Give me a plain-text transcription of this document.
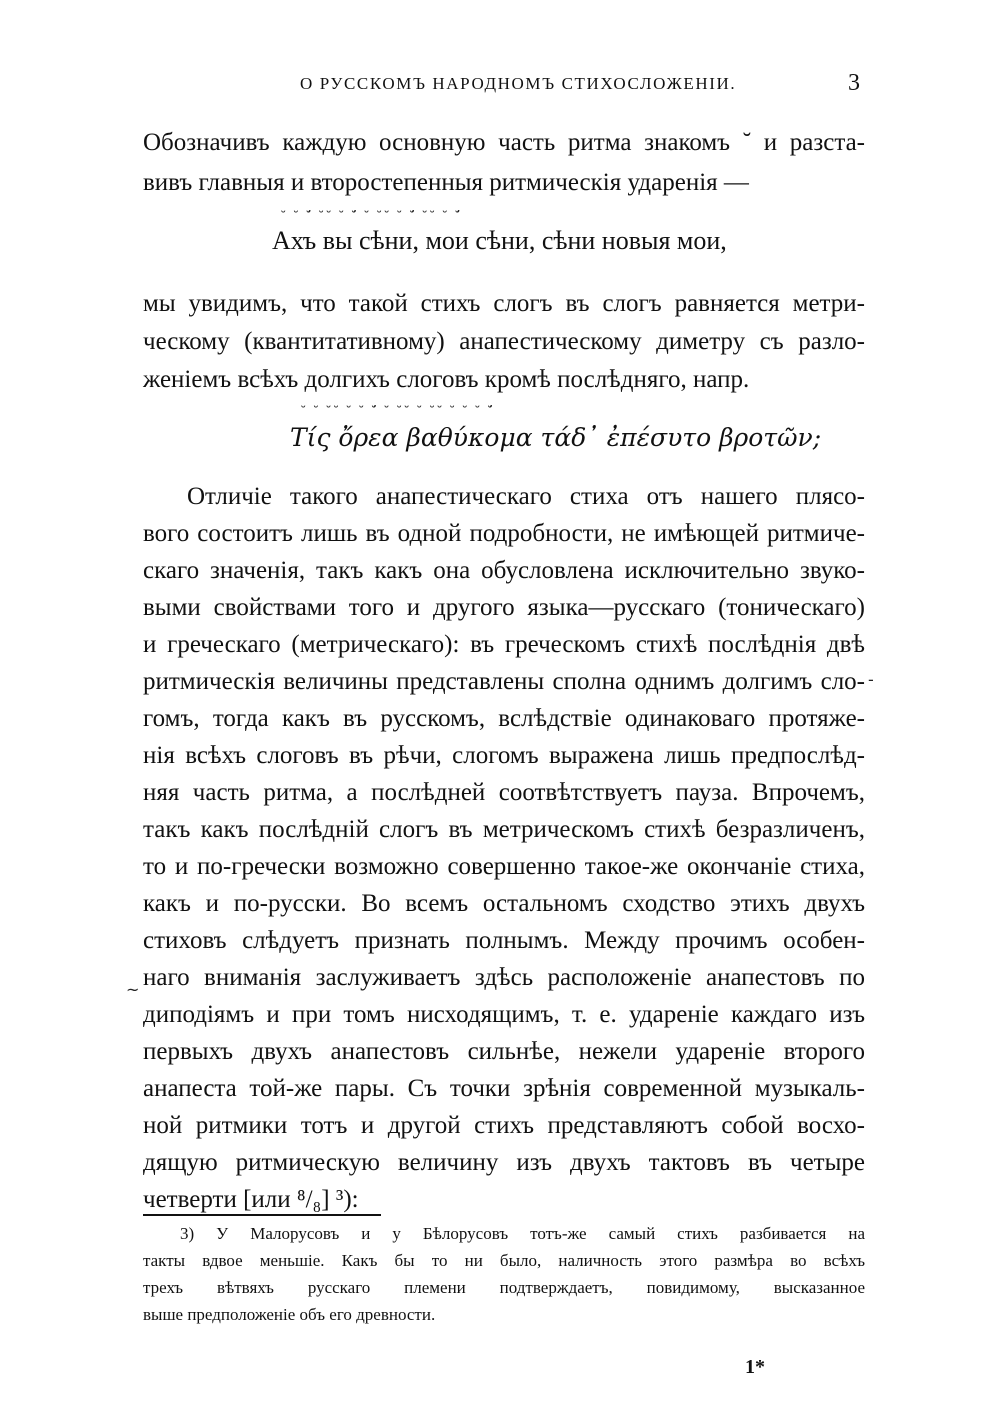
О РУССКОМЪ НАРОДНОМЪ СТИХОСЛОЖЕНІИ.	3
Обозначивъ каждую основную часть ритма знакомъ ˘ и разста-
вивъ главныя и второстепенныя ритмическія ударенія —
˘ ˘ ˘́ ˘˘ ˘ ˘́ ˘ ˘˘ ˘ ˘́ ˘˘ ˘ ˘́
Ахъ вы сѣни, мои сѣни, сѣни новыя мои,
мы увидимъ, что такой стихъ слогъ въ слогъ равняется метри-
ческому (квантитативному) анапестическому диметру съ разло-
женіемъ всѣхъ долгихъ слоговъ кромѣ послѣдняго, напр.
˘ ˘ ˘˘ ˘ ˘ ˘́ ˘ ˘˘ ˘ ˘˘ ˘ ˘ ˘ ˘́
Τίς ὄρεα βαθύκομα τάδ᾽ ἐπέσυτο βροτῶν;
Отличіе такого анапестическаго стиха отъ нашего плясо-
вого состоитъ лишь въ одной подробности, не имѣющей ритмиче-
скаго значенія, такъ какъ она обусловлена исключительно звуко-
выми свойствами того и другого языка—русскаго (тоническаго)
и греческаго (метрическаго): въ греческомъ стихѣ послѣднія двѣ
ритмическія величины представлены сполна однимъ долгимъ сло-
гомъ, тогда какъ въ русскомъ, вслѣдствіе одинаковаго протяже-
нія всѣхъ слоговъ въ рѣчи, слогомъ выражена лишь предпослѣд-
няя часть ритма, а послѣдней соотвѣтствуетъ пауза. Впрочемъ,
такъ какъ послѣдній слогъ въ метрическомъ стихѣ безразличенъ,
то и по-гречески возможно совершенно такое-же окончаніе стиха,
какъ и по-русски. Во всемъ остальномъ сходство этихъ двухъ
стиховъ слѣдуетъ признать полнымъ. Между прочимъ особен-
наго вниманія заслуживаетъ здѣсь расположеніе анапестовъ по
диподіямъ и при томъ нисходящимъ, т. е. удареніе каждаго изъ
первыхъ двухъ анапестовъ сильнѣе, нежели удареніе второго
анапеста той-же пары. Съ точки зрѣнія современной музыкаль-
ной ритмики тотъ и другой стихъ представляютъ собой восхо-
дящую ритмическую величину изъ двухъ тактовъ въ четыре
четверти [или ⁸/₈] ³):
3) У Малорусовъ и у Бѣлорусовъ тотъ-же самый стихъ разбивается на
такты вдвое меньшіе. Какъ бы то ни было, наличность этого размѣра во всѣхъ
трехъ вѣтвяхъ русскаго племени подтверждаетъ, повидимому, высказанное
выше предположеніе объ его древности.
1*
-
~
